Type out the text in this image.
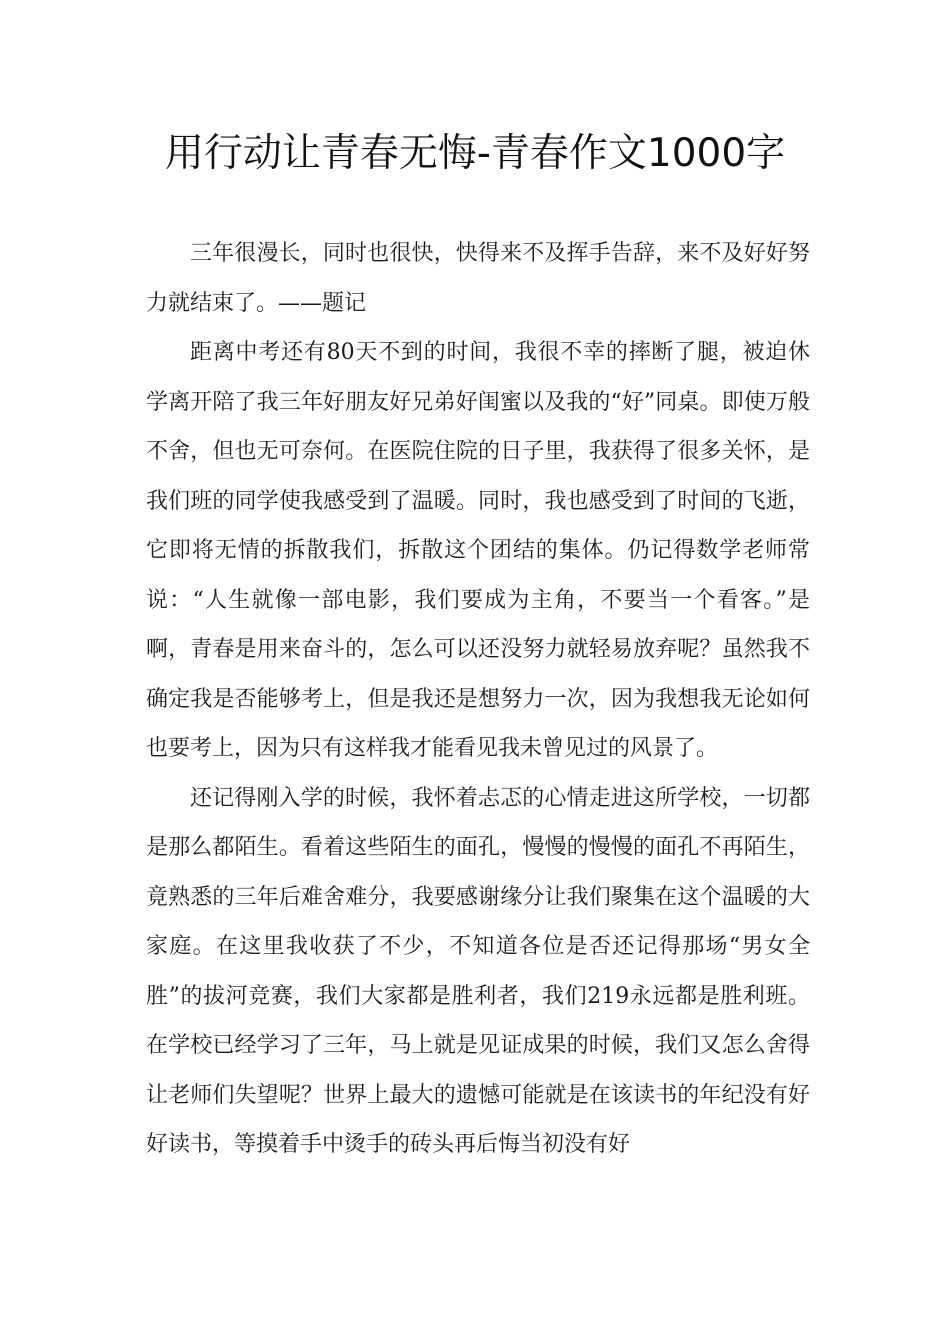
用行动让青春无悔-青春作文1000字

三年很漫长，同时也很快，快得来不及挥手告辞，来不及好好努力就结束了。——题记

距离中考还有80天不到的时间，我很不幸的摔断了腿，被迫休学离开陪了我三年好朋友好兄弟好闺蜜以及我的“好”同桌。即使万般不舍，但也无可奈何。在医院住院的日子里，我获得了很多关怀，是我们班的同学使我感受到了温暖。同时，我也感受到了时间的飞逝，它即将无情的拆散我们，拆散这个团结的集体。仍记得数学老师常说：“人生就像一部电影，我们要成为主角，不要当一个看客。”是啊，青春是用来奋斗的，怎么可以还没努力就轻易放弃呢？虽然我不确定我是否能够考上，但是我还是想努力一次，因为我想我无论如何也要考上，因为只有这样我才能看见我未曾见过的风景了。

还记得刚入学的时候，我怀着忐忑的心情走进这所学校，一切都是那么都陌生。看着这些陌生的面孔，慢慢的慢慢的面孔不再陌生，竟熟悉的三年后难舍难分，我要感谢缘分让我们聚集在这个温暖的大家庭。在这里我收获了不少，不知道各位是否还记得那场“男女全胜”的拔河竞赛，我们大家都是胜利者，我们219永远都是胜利班。在学校已经学习了三年，马上就是见证成果的时候，我们又怎么舍得让老师们失望呢？世界上最大的遗憾可能就是在该读书的年纪没有好好读书，等摸着手中烫手的砖头再后悔当初没有好
